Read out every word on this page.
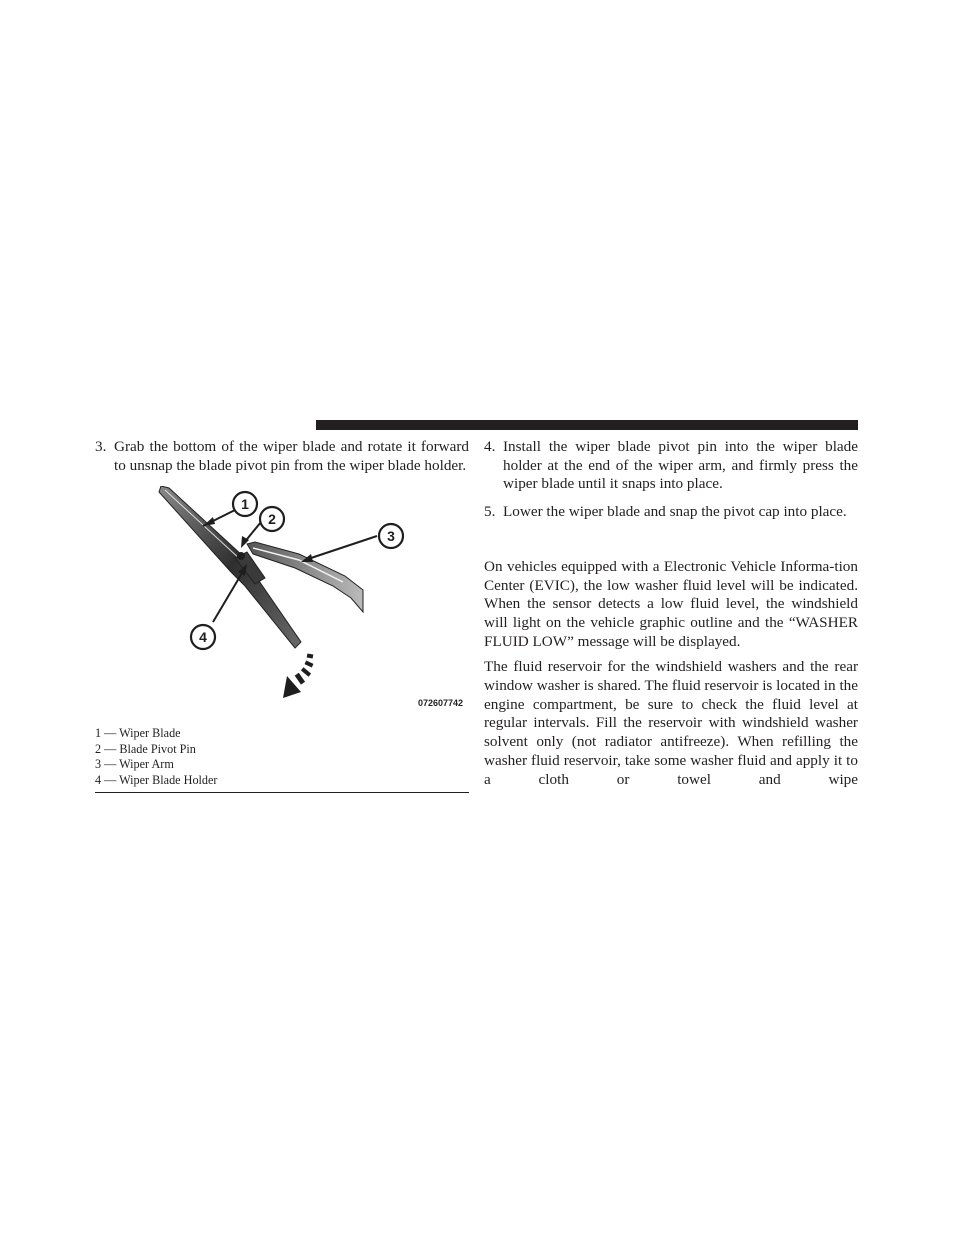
3. Grab the bottom of the wiper blade and rotate it forward to unsnap the blade pivot pin from the wiper blade holder.
1
2
3
4
072607742
1 — Wiper Blade
2 — Blade Pivot Pin
3 — Wiper Arm
4 — Wiper Blade Holder
4. Install the wiper blade pivot pin into the wiper blade holder at the end of the wiper arm, and firmly press the wiper blade until it snaps into place.
5. Lower the wiper blade and snap the pivot cap into place.

On vehicles equipped with a Electronic Vehicle Informa-tion Center (EVIC), the low washer fluid level will be indicated. When the sensor detects a low fluid level, the windshield will light on the vehicle graphic outline and the “WASHER FLUID LOW” message will be displayed.

The fluid reservoir for the windshield washers and the rear window washer is shared. The fluid reservoir is located in the engine compartment, be sure to check the fluid level at regular intervals. Fill the reservoir with windshield washer solvent only (not radiator antifreeze). When refilling the washer fluid reservoir, take some washer fluid and apply it to a cloth or towel and wipe
